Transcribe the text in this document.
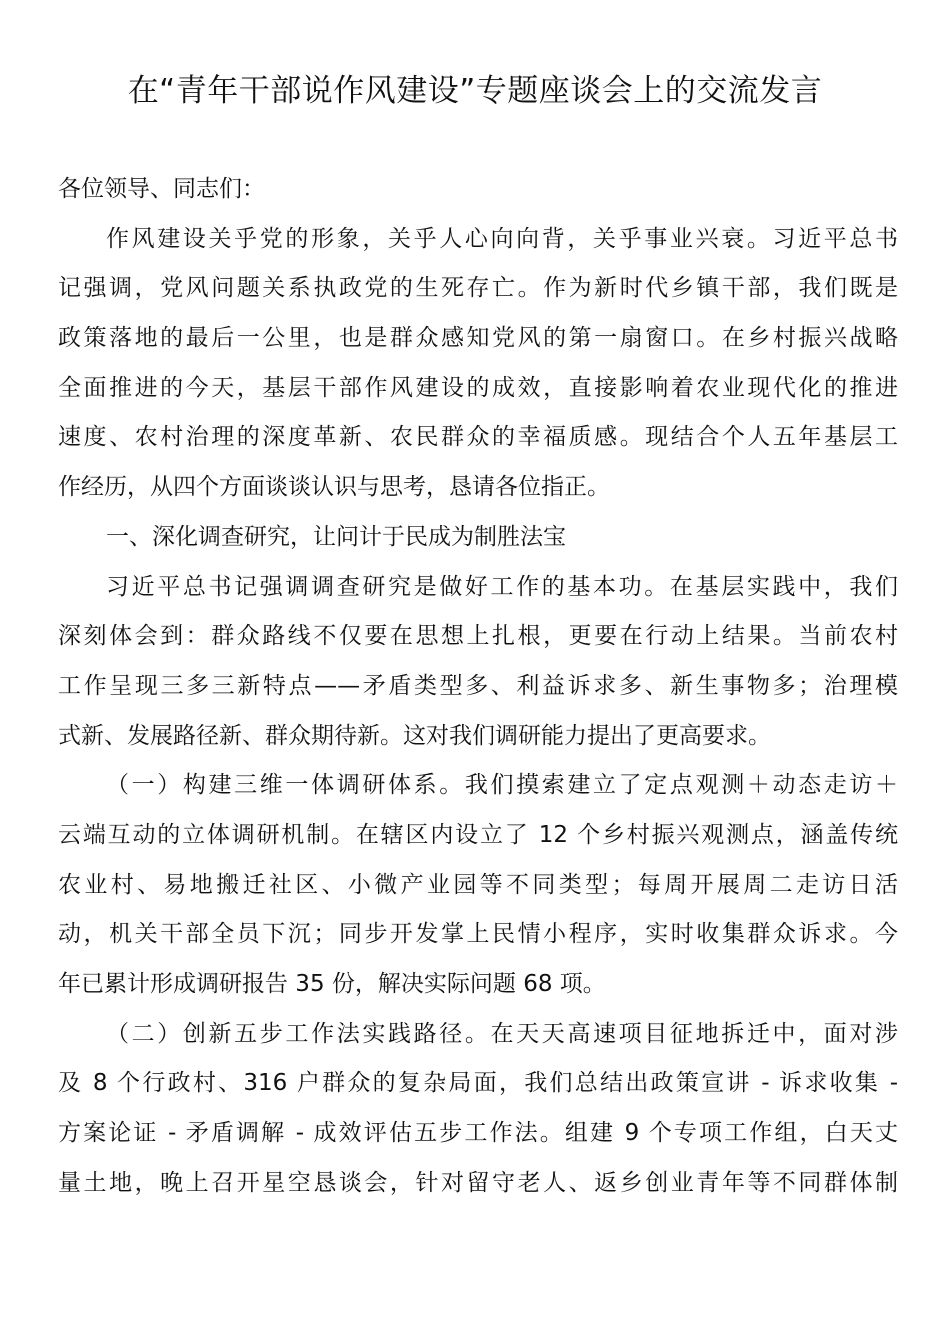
在“青年干部说作风建设”专题座谈会上的交流发言
各位领导、同志们：
作风建设关乎党的形象，关乎人心向向背，关乎事业兴衰。习近平总书
记强调，党风问题关系执政党的生死存亡。作为新时代乡镇干部，我们既是
政策落地的最后一公里，也是群众感知党风的第一扇窗口。在乡村振兴战略
全面推进的今天，基层干部作风建设的成效，直接影响着农业现代化的推进
速度、农村治理的深度革新、农民群众的幸福质感。现结合个人五年基层工
作经历，从四个方面谈谈认识与思考，恳请各位指正。
一、深化调查研究，让问计于民成为制胜法宝
习近平总书记强调调查研究是做好工作的基本功。在基层实践中，我们
深刻体会到：群众路线不仅要在思想上扎根，更要在行动上结果。当前农村
工作呈现三多三新特点——矛盾类型多、利益诉求多、新生事物多；治理模
式新、发展路径新、群众期待新。这对我们调研能力提出了更高要求。
（一）构建三维一体调研体系。我们摸索建立了定点观测＋动态走访＋
云端互动的立体调研机制。在辖区内设立了 12 个乡村振兴观测点，涵盖传统
农业村、易地搬迁社区、小微产业园等不同类型；每周开展周二走访日活
动，机关干部全员下沉；同步开发掌上民情小程序，实时收集群众诉求。今
年已累计形成调研报告 35 份，解决实际问题 68 项。
（二）创新五步工作法实践路径。在天天高速项目征地拆迁中，面对涉
及 8 个行政村、316 户群众的复杂局面，我们总结出政策宣讲 - 诉求收集 -
方案论证 - 矛盾调解 - 成效评估五步工作法。组建 9 个专项工作组，白天丈
量土地，晚上召开星空恳谈会，针对留守老人、返乡创业青年等不同群体制
